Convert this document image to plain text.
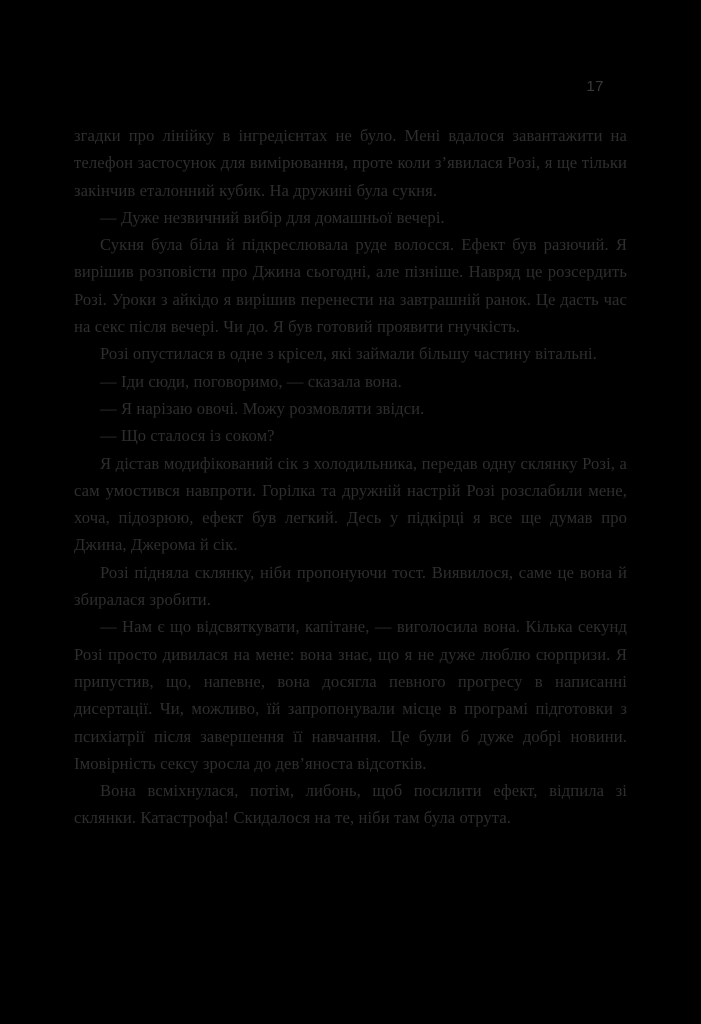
17

згадки про лінійку в інгредієнтах не було. Мені вдалося завантажити на телефон застосунок для вимірювання, проте коли з’явилася Розі, я ще тільки закінчив еталонний кубик. На дружині була сукня.

— Дуже незвичний вибір для домашньої вечері.

Сукня була біла й підкреслювала руде волосся. Ефект був разючий. Я вирішив розповісти про Джина сьогодні, але пізніше. Навряд це розсердить Розі. Уроки з айкідо я вирішив перенести на завтрашній ранок. Це дасть час на секс після вечері. Чи до. Я був готовий проявити гнучкість.

Розі опустилася в одне з крісел, які займали більшу частину вітальні.

— Іди сюди, поговоримо, — сказала вона.

— Я нарізаю овочі. Можу розмовляти звідси.

— Що сталося із соком?

Я дістав модифікований сік з холодильника, передав одну склянку Розі, а сам умостився навпроти. Горілка та дружній настрій Розі розслабили мене, хоча, підозрюю, ефект був легкий. Десь у підкірці я все ще думав про Джина, Джерома й сік.

Розі підняла склянку, ніби пропонуючи тост. Виявилося, саме це вона й збиралася зробити.

— Нам є що відсвяткувати, капітане, — виголосила вона. Кілька секунд Розі просто дивилася на мене: вона знає, що я не дуже люблю сюрпризи. Я припустив, що, напевне, вона досягла певного прогресу в написанні дисертації. Чи, можливо, їй запропонували місце в програмі підготовки з психіатрії після завершення її навчання. Це були б дуже добрі новини. Імовірність сексу зросла до дев’яноста відсотків.

Вона всміхнулася, потім, либонь, щоб посилити ефект, відпила зі склянки. Катастрофа! Скидалося на те, ніби там була отрута.
